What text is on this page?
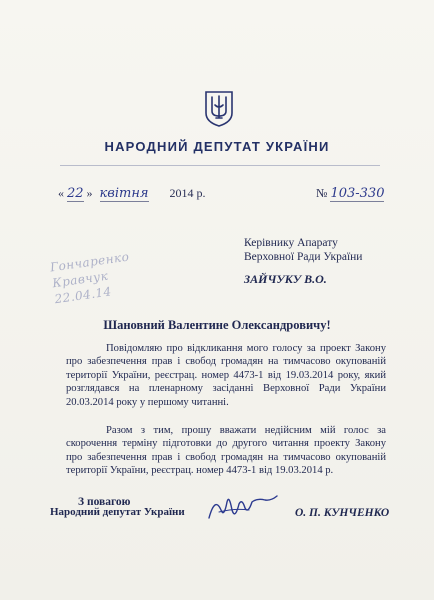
НАРОДНИЙ ДЕПУТАТ УКРАЇНИ
« 22 » квітня 2014 р.	№ 103-330
Керівнику Апарату
Верховної Ради України
ЗАЙЧУКУ В.О.
Гончаренко
Кравчук
22.04.14
Шановний Валентине Олександровичу!

Повідомляю про відкликання мого голосу за проект Закону про забезпечення прав і свобод громадян на тимчасово окупованій території України, реєстрац. номер 4473-1 від 19.03.2014 року, який розглядався на пленарному засіданні Верховної Ради України 20.03.2014 року у першому читанні.

Разом з тим, прошу вважати недійсним мій голос за скорочення терміну підготовки до другого читання проекту Закону про забезпечення прав і свобод громадян на тимчасово окупованій території України, реєстрац. номер 4473-1 від 19.03.2014 р.

З повагою
Народний депутат України	О. П. КУНЧЕНКО
